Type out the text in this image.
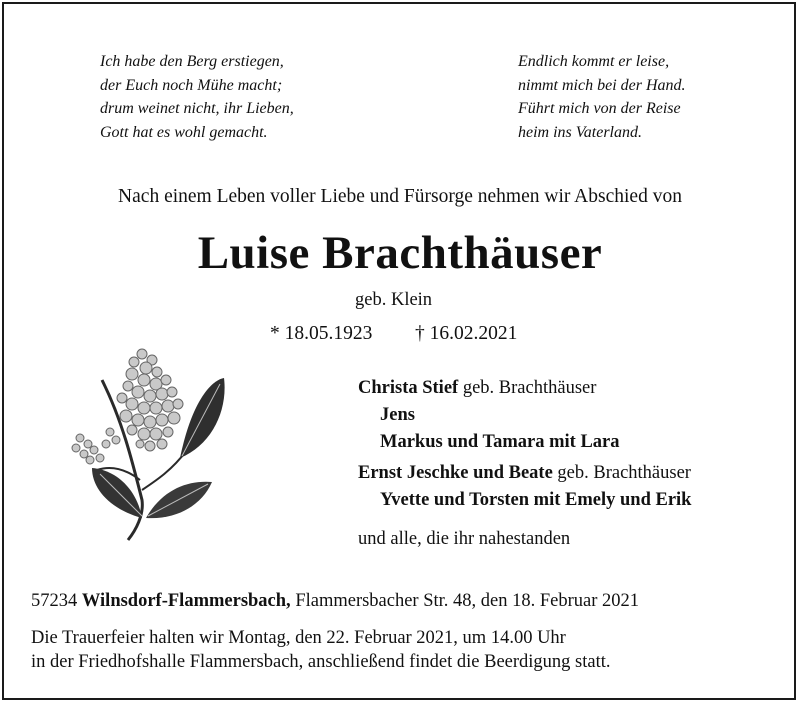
Ich habe den Berg erstiegen,
der Euch noch Mühe macht;
drum weinet nicht, ihr Lieben,
Gott hat es wohl gemacht.
Endlich kommt er leise,
nimmt mich bei der Hand.
Führt mich von der Reise
heim ins Vaterland.
Nach einem Leben voller Liebe und Fürsorge nehmen wir Abschied von
Luise Brachthäuser
geb. Klein
* 18.05.1923 † 16.02.2021
Christa Stief geb. Brachthäuser
Jens
Markus und Tamara mit Lara
Ernst Jeschke und Beate geb. Brachthäuser
Yvette und Torsten mit Emely und Erik
und alle, die ihr nahestanden
57234 Wilnsdorf-Flammersbach, Flammersbacher Str. 48, den 18. Februar 2021
Die Trauerfeier halten wir Montag, den 22. Februar 2021, um 14.00 Uhr
in der Friedhofshalle Flammersbach, anschließend findet die Beerdigung statt.
